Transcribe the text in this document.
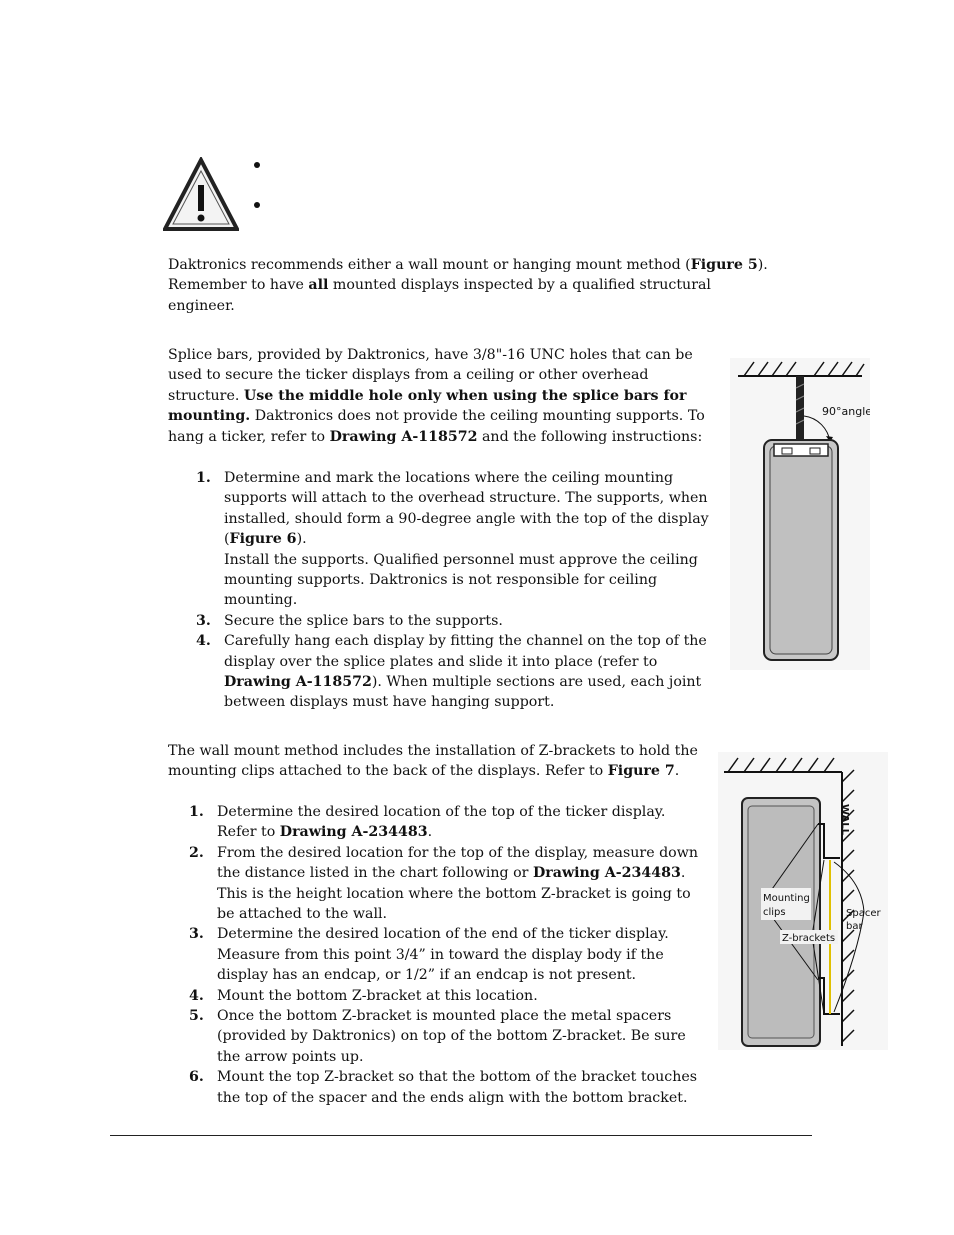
Daktronics recommends either a wall mount or hanging mount method (Figure 5).

Remember to have all mounted displays inspected by a qualified structural engineer.

Splice bars, provided by Daktronics, have 3/8"-16 UNC holes that can be used to secure the ticker displays from a ceiling or other overhead structure. Use the middle hole only when using the splice bars for mounting. Daktronics does not provide the ceiling mounting supports. To hang a ticker, refer to Drawing A-118572 and the following instructions:

1. Determine and mark the locations where the ceiling mounting supports will attach to the overhead structure. The supports, when installed, should form a 90-degree angle with the top of the display (Figure 6).
Install the supports. Qualified personnel must approve the ceiling mounting supports. Daktronics is not responsible for ceiling mounting.
3. Secure the splice bars to the supports.
4. Carefully hang each display by fitting the channel on the top of the display over the splice plates and slide it into place (refer to Drawing A-118572). When multiple sections are used, each joint between displays must have hanging support.
90°angle

The wall mount method includes the installation of Z-brackets to hold the mounting clips attached to the back of the displays. Refer to Figure 7.

1. Determine the desired location of the top of the ticker display. Refer to Drawing A-234483.
2. From the desired location for the top of the display, measure down the distance listed in the chart following or Drawing A-234483. This is the height location where the bottom Z-bracket is going to be attached to the wall.
3. Determine the desired location of the end of the ticker display. Measure from this point 3/4” in toward the display body if the display has an endcap, or 1/2” if an endcap is not present.
4. Mount the bottom Z-bracket at this location.
5. Once the bottom Z-bracket is mounted place the metal spacers (provided by Daktronics) on top of the bottom Z-bracket. Be sure the arrow points up.
6. Mount the top Z-bracket so that the bottom of the bracket touches the top of the spacer and the ends align with the bottom bracket.
WALL
Mounting clips
Z-brackets
Spacer bar
